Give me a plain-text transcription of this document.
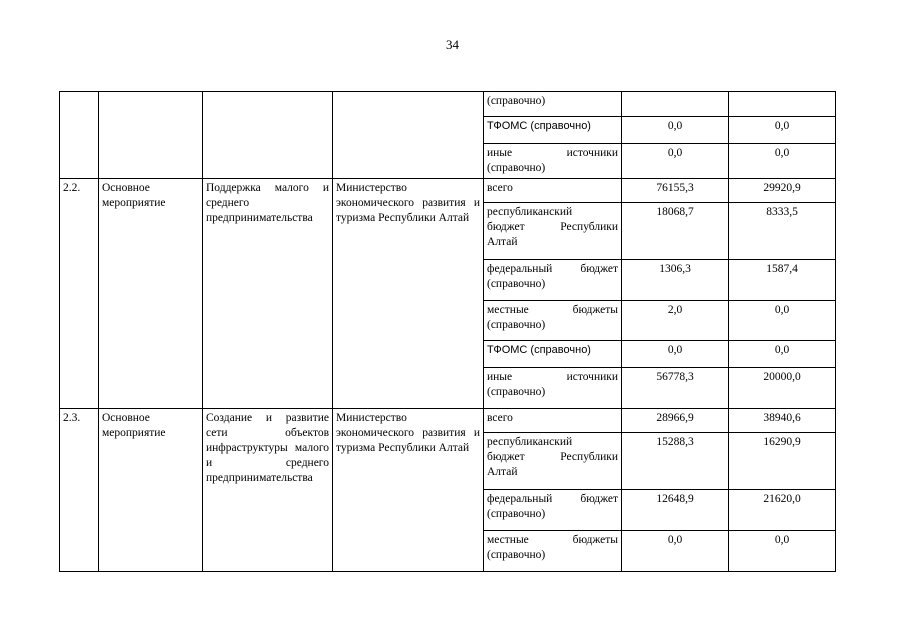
34
				(справочно)		
				ТФОМС (справочно)	0,0	0,0

				иные источники
(справочно)	0,0	0,0
2.2.	Основное мероприятие	Поддержка малого и среднего предпринимательства	Министерство экономического развития и туризма Республики Алтай	всего	76155,3	29920,9

				республиканский
бюджет Республики
Алтай	18068,7	8333,5

				федеральный бюджет
(справочно)	1306,3	1587,4

				местные бюджеты
(справочно)	2,0	0,0
				ТФОМС (справочно)	0,0	0,0

				иные источники
(справочно)	56778,3	20000,0
2.3.	Основное мероприятие	Создание и развитие сети объектов инфраструктуры малого и среднего предпринимательства	Министерство экономического развития и туризма Республики Алтай	всего	28966,9	38940,6

				республиканский
бюджет Республики
Алтай	15288,3	16290,9

				федеральный бюджет
(справочно)	12648,9	21620,0

				местные бюджеты
(справочно)	0,0	0,0
